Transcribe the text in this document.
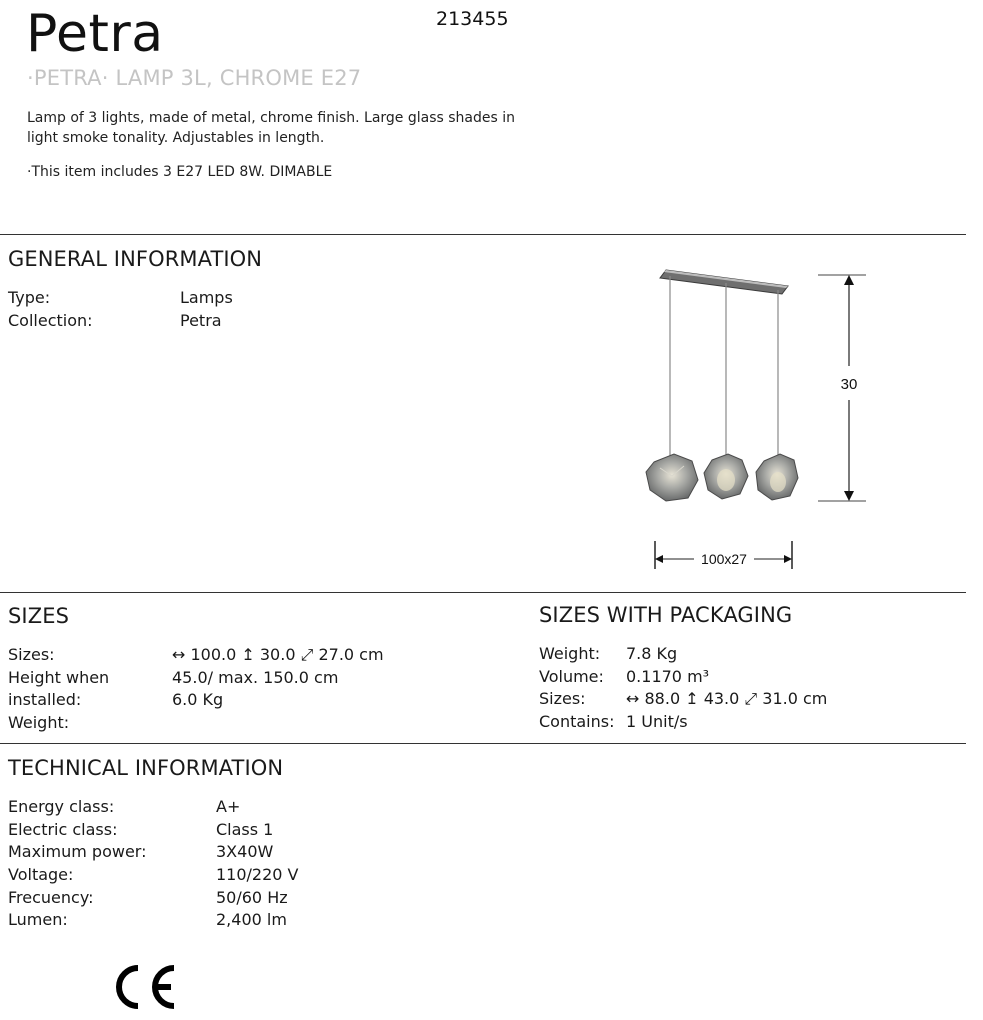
Petra	213455
·PETRA· LAMP 3L, CHROME E27
Lamp of 3 lights, made of metal, chrome finish. Large glass shades in light smoke tonality. Adjustables in length.
·This item includes 3 E27 LED 8W. DIMABLE
GENERAL INFORMATION
Type:
Collection:
Lamps
Petra
30
100x27
SIZES
Sizes:
Height when
installed:
Weight:
↔ 100.0 ↥ 30.0 ⤢ 27.0 cm
45.0/ max. 150.0 cm
6.0 Kg
SIZES WITH PACKAGING
Weight:
Volume:
Sizes:
Contains:
7.8 Kg
0.1170 m³
↔ 88.0 ↥ 43.0 ⤢ 31.0 cm
1 Unit/s
TECHNICAL INFORMATION
Energy class:
Electric class:
Maximum power:
Voltage:
Frecuency:
Lumen:
A+
Class 1
3X40W
110/220 V
50/60 Hz
2,400 lm
